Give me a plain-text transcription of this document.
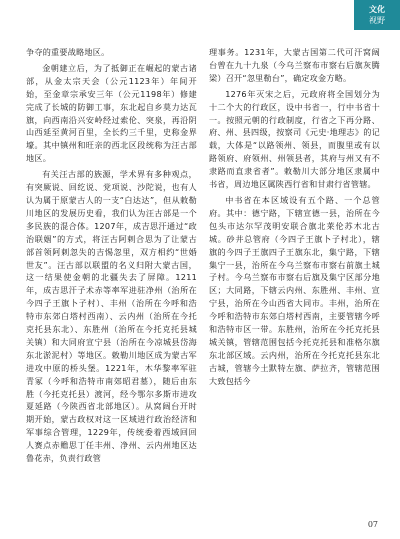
文化
视野

争夺的重要战略地区。

金朝建立后，为了抵御正在崛起的蒙古诸部，从金太宗天会（公元1123年）年间开始，至金章宗承安三年（公元1198年）修建完成了长城的防御工事，东北起自乡莫力达瓦旗，向西南沿兴安岭经过索伦、突泉，再沿阴山西延至黄河百里，全长约三千里，史称金界壕。其中镇州和旺亲的西北区段统称为汪古部地区。

有关汪古部的族源，学术界有多种观点，有突厥说、回纥说、党项说、沙陀说，也有人认为属于原蒙古人的一支“白达达”，但从敕勒川地区的发展历史看，我们认为汪古部是一个多民族的混合体。1207年，成吉思汗通过“政治联姻”的方式，将汪古阿剌合思为了让蒙古部首领阿刺忽失的吉惕忽里，双方相约“世婚世友”。汪古部以联盟的名义归附大蒙古国，这一结果使金朝的北疆失去了屏障。1211年，成吉思汗子术赤等率军进驻净州（治所在今四子王旗卜子村）、丰州（治所在今呼和浩特市东郊白塔村西南）、云内州（治所在今托克托县东北）、东胜州（治所在今托克托县城关镇）和大同府宣宁县（治所在今凉城县岱海东北淤泥村）等地区。敕勒川地区成为蒙古军进攻中原的桥头堡。1221年，木华黎率军驻青冢（今呼和浩特市南郊昭君墓），随后由东胜（今托克托县）渡河，经今鄂尔多斯市进攻夏延路（今陕西省北部地区）。从窝阔台开时期开始，蒙古政权对这一区域进行政治经济和军事综合管理，1229年，传统委着西域回回人赛点赤赡思丁任丰州、净州、云内州地区达鲁花赤，负责行政管

理事务。1231年，大蒙古国第二代可汗窝阔台曾在九十九泉（今乌兰察布市察右后旗灰腾梁）召开“忽里勒台”，确定攻金方略。

1276年灭宋之后，元政府将全国划分为十二个大的行政区，设中书省一，行中书省十一。按照元朝的行政制度，行省之下再分路、府、州、县四级，按察司《元史·地理志》的记载，大体是“以路领州、领县，而腹里或有以路领府、府领州、州领县者，其府与州又有不隶路而直隶省者”。敕勒川大部分地区隶属中书省，周边地区属陕西行省和甘肃行省管辖。

中书省在本区域设有五个路、一个总管府。其中：德宁路，下辖宣德一县，治所在今包头市达尔罕茂明安联合旗北莱伦苏木北古城。砂井总管府（今四子王旗卜子村北），辖旗的今四子王旗四子王旗东北，集宁路，下辖集宁一县，治所在今乌兰察布市察右前旗土城子村。今乌兰察布市察右后旗及集宁区部分地区；大同路，下辖云内州、东胜州、丰州、宣宁县，治所在今山西省大同市。丰州，治所在今呼和浩特市东郊白塔村西南，主要管辖今呼和浩特市区一带。东胜州，治所在今托克托县城关镇，管辖范围包括今托克托县和准格尔旗东北部区域。云内州，治所在今托克托县东北古城，管辖今土默特左旗、萨拉齐，管辖范围大致包括今

07
